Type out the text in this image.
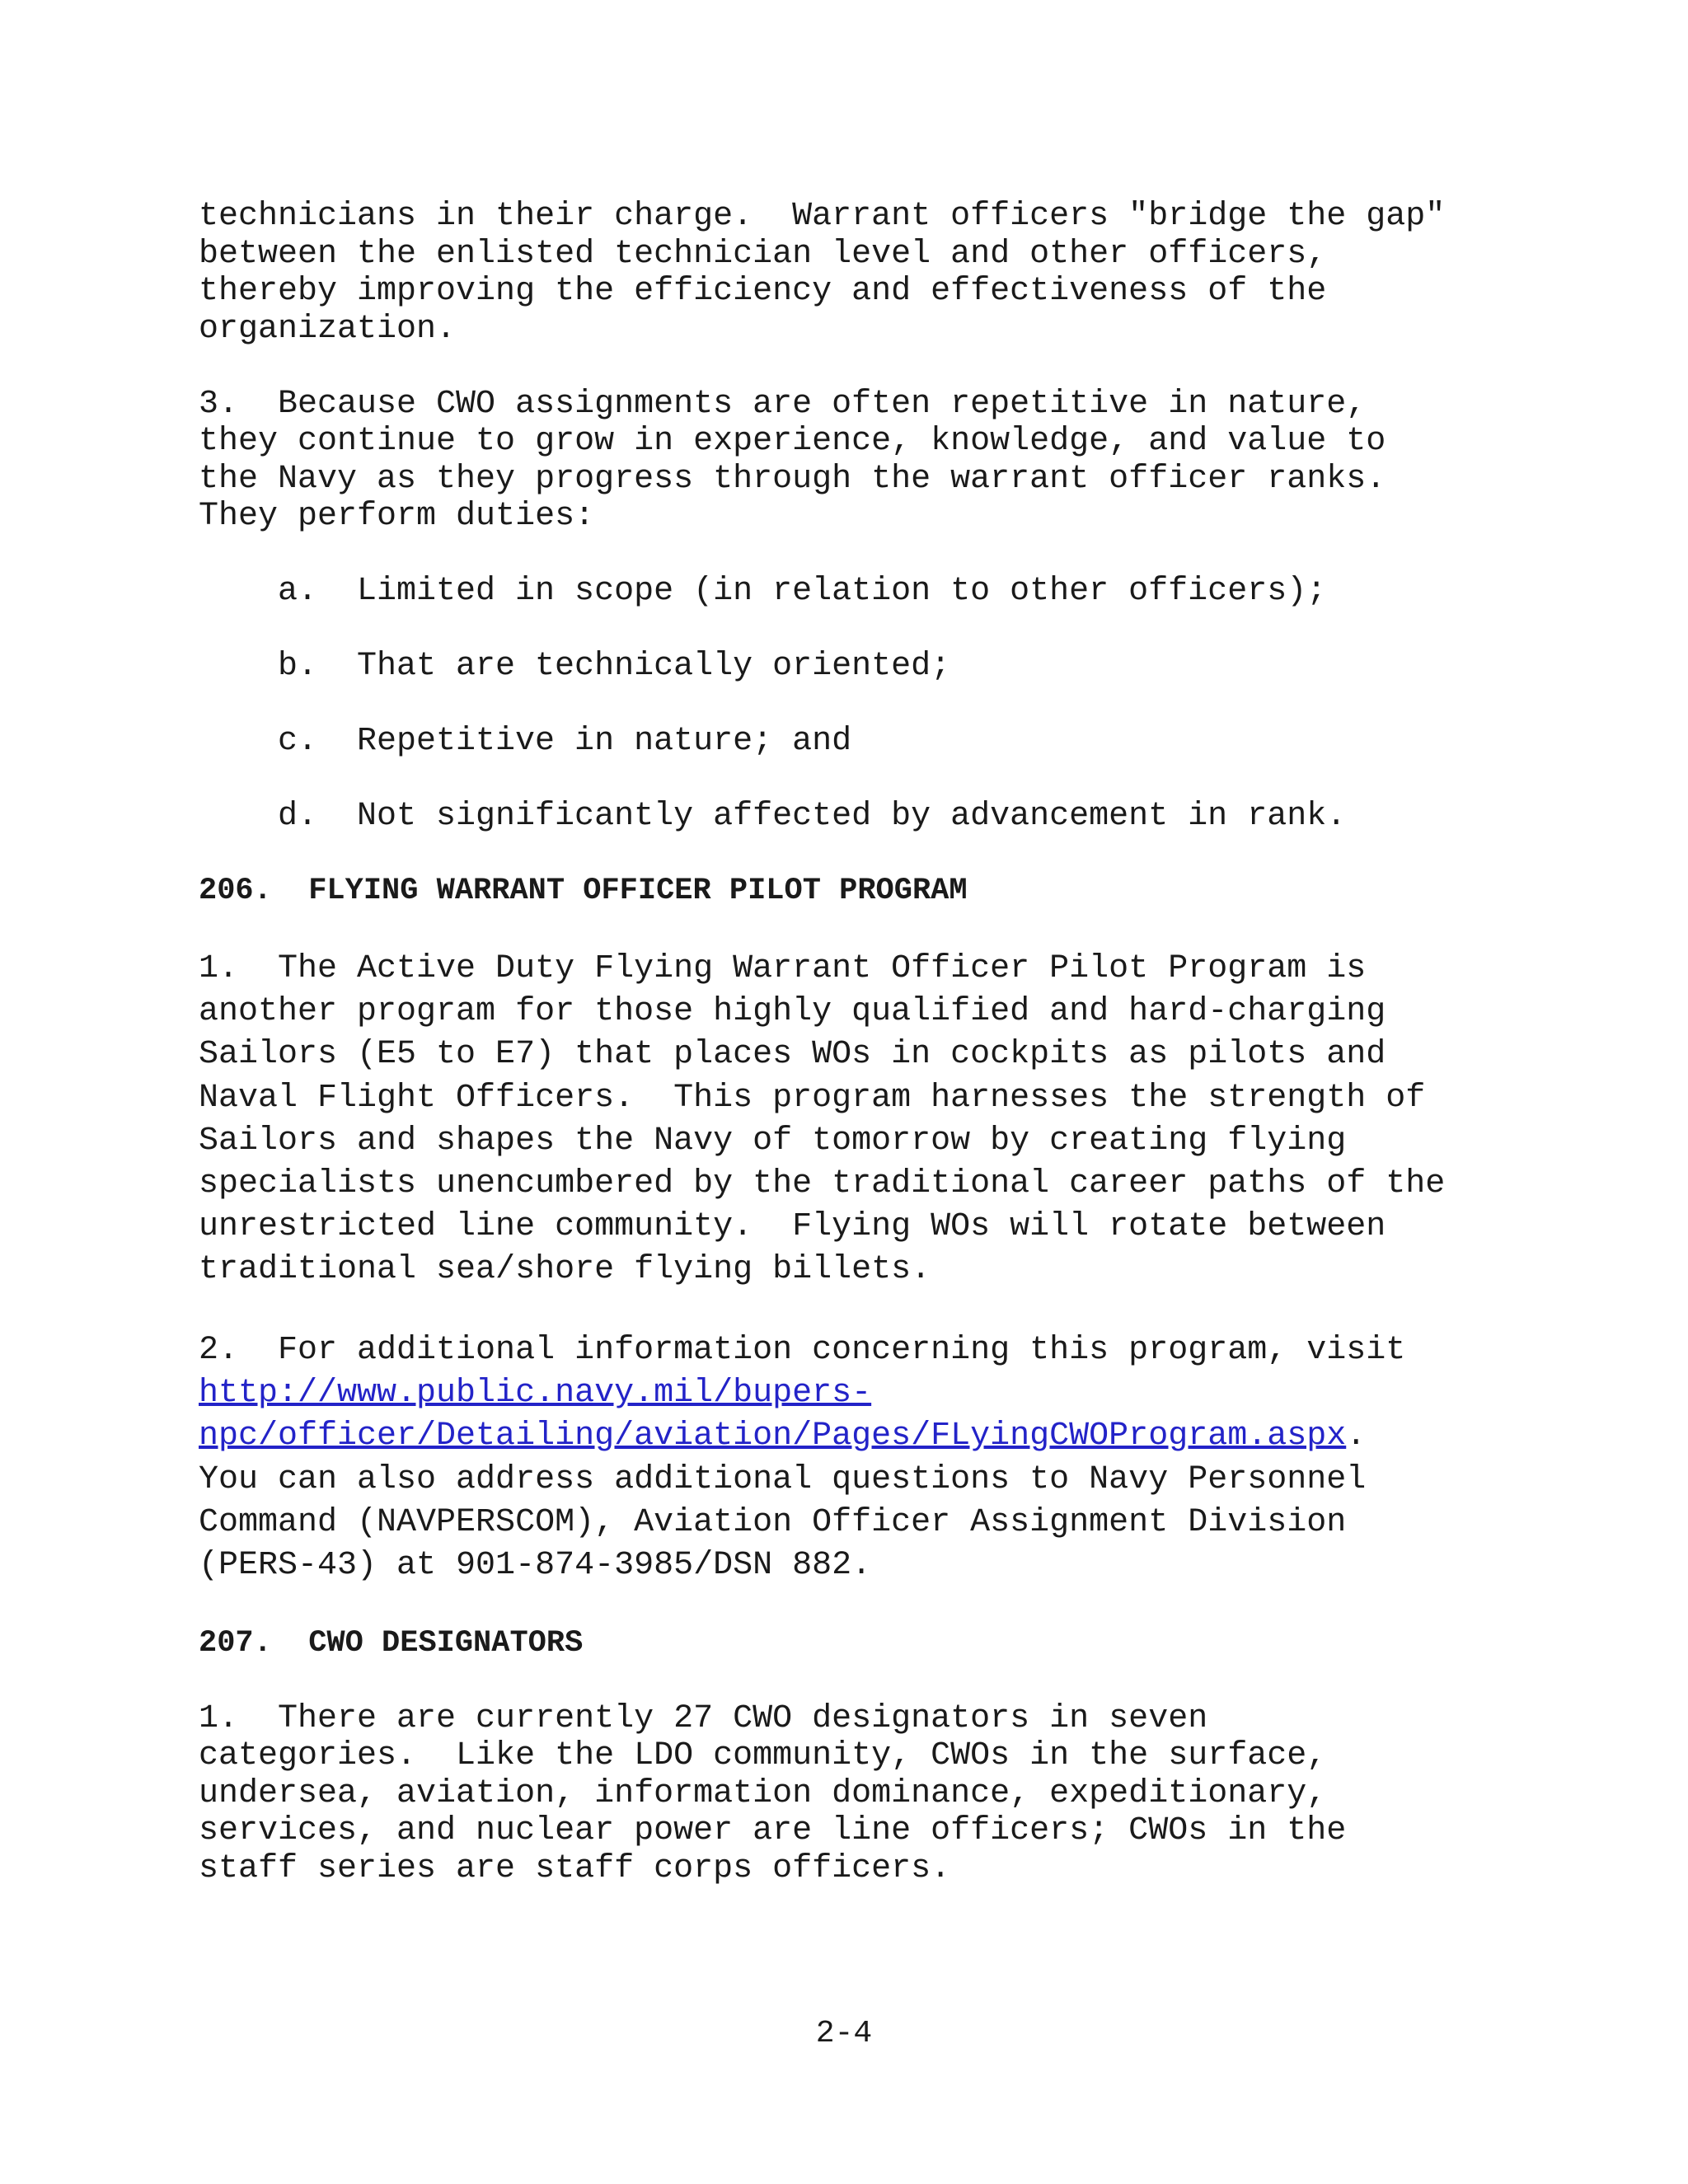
technicians in their charge.  Warrant officers "bridge the gap"
between the enlisted technician level and other officers,
thereby improving the efficiency and effectiveness of the
organization.
3.  Because CWO assignments are often repetitive in nature,
they continue to grow in experience, knowledge, and value to
the Navy as they progress through the warrant officer ranks.
They perform duties:
a.  Limited in scope (in relation to other officers);
b.  That are technically oriented;
c.  Repetitive in nature; and
d.  Not significantly affected by advancement in rank.
206.  FLYING WARRANT OFFICER PILOT PROGRAM
1.  The Active Duty Flying Warrant Officer Pilot Program is
another program for those highly qualified and hard-charging
Sailors (E5 to E7) that places WOs in cockpits as pilots and
Naval Flight Officers.  This program harnesses the strength of
Sailors and shapes the Navy of tomorrow by creating flying
specialists unencumbered by the traditional career paths of the
unrestricted line community.  Flying WOs will rotate between
traditional sea/shore flying billets.
2.  For additional information concerning this program, visit
http://www.public.navy.mil/bupers-
npc/officer/Detailing/aviation/Pages/FLyingCWOProgram.aspx.
You can also address additional questions to Navy Personnel
Command (NAVPERSCOM), Aviation Officer Assignment Division
(PERS-43) at 901-874-3985/DSN 882.
207.  CWO DESIGNATORS
1.  There are currently 27 CWO designators in seven
categories.  Like the LDO community, CWOs in the surface,
undersea, aviation, information dominance, expeditionary,
services, and nuclear power are line officers; CWOs in the
staff series are staff corps officers.
2-4
